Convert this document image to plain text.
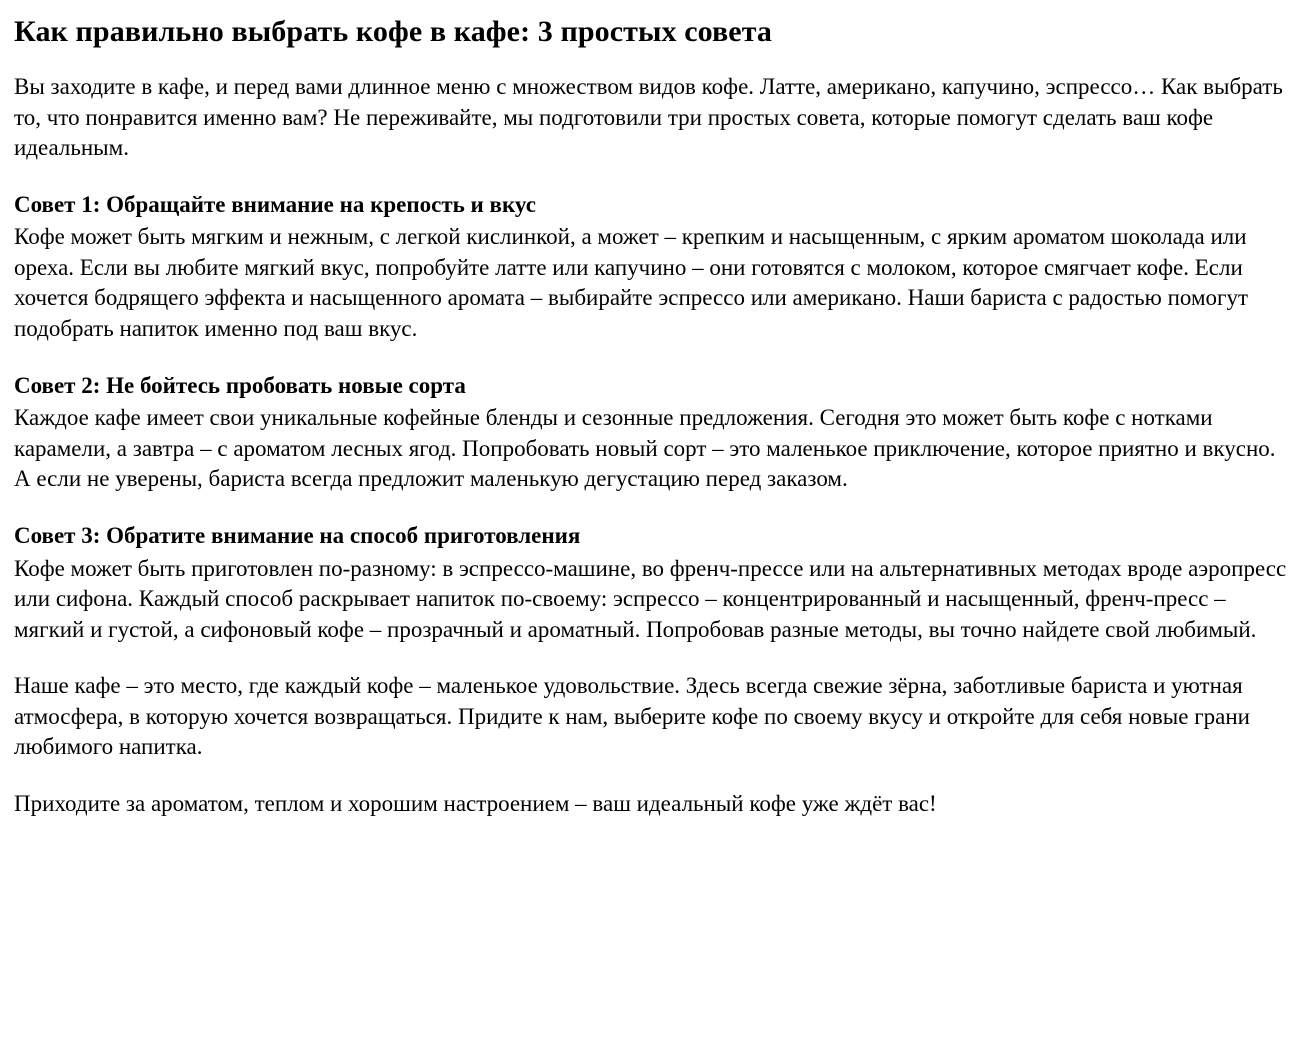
Как правильно выбрать кофе в кафе: 3 простых совета

Вы заходите в кафе, и перед вами длинное меню с множеством видов кофе. Латте, американо, капучино, эспрессо… Как выбрать то, что понравится именно вам? Не переживайте, мы подготовили три простых совета, которые помогут сделать ваш кофе идеальным.

Совет 1: Обращайте внимание на крепость и вкус

Кофе может быть мягким и нежным, с легкой кислинкой, а может – крепким и насыщенным, с ярким ароматом шоколада или ореха. Если вы любите мягкий вкус, попробуйте латте или капучино – они готовятся с молоком, которое смягчает кофе. Если хочется бодрящего эффекта и насыщенного аромата – выбирайте эспрессо или американо. Наши бариста с радостью помогут подобрать напиток именно под ваш вкус.

Совет 2: Не бойтесь пробовать новые сорта

Каждое кафе имеет свои уникальные кофейные бленды и сезонные предложения. Сегодня это может быть кофе с нотками карамели, а завтра – с ароматом лесных ягод. Попробовать новый сорт – это маленькое приключение, которое приятно и вкусно. А если не уверены, бариста всегда предложит маленькую дегустацию перед заказом.

Совет 3: Обратите внимание на способ приготовления

Кофе может быть приготовлен по-разному: в эспрессо-машине, во френч-прессе или на альтернативных методах вроде аэропресс или сифона. Каждый способ раскрывает напиток по-своему: эспрессо – концентрированный и насыщенный, френч-пресс – мягкий и густой, а сифоновый кофе – прозрачный и ароматный. Попробовав разные методы, вы точно найдете свой любимый.

Наше кафе – это место, где каждый кофе – маленькое удовольствие. Здесь всегда свежие зёрна, заботливые бариста и уютная атмосфера, в которую хочется возвращаться. Придите к нам, выберите кофе по своему вкусу и откройте для себя новые грани любимого напитка.

Приходите за ароматом, теплом и хорошим настроением – ваш идеальный кофе уже ждёт вас!
